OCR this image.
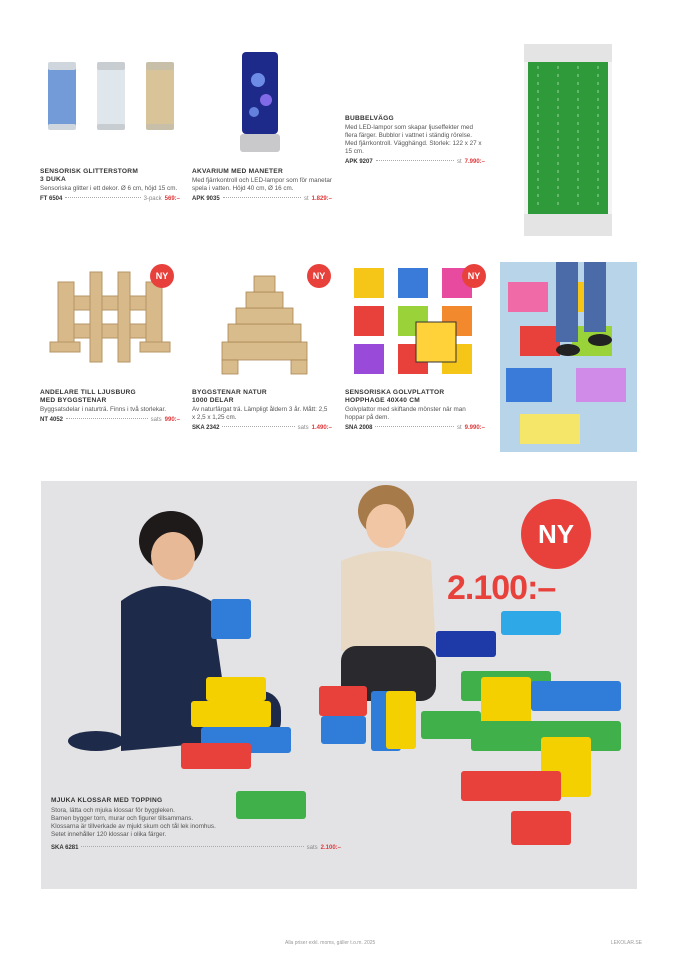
SENSORISK GLITTERSTORM
3 DUKA
Sensoriska glitter i ett dekor. Ø 6 cm, höjd 15 cm.
FT 6504	3-pack 569:–
AKVARIUM MED MANETER
Med fjärrkontroll och LED-lampor som för manetar spela i vatten. Höjd 40 cm, Ø 16 cm.
APK 9035	st 1.829:–
BUBBELVÄGG
Med LED-lampor som skapar ljuseffekter med flera färger. Bubblor i vattnet i ständig rörelse. Med fjärrkontroll. Vägghängd. Storlek: 122 x 27 x 15 cm.
APK 9207	st 7.990:–
NY	NY	NY
ANDELARE TILL LJUSBURG
MED BYGGSTENAR
Byggsatsdelar i naturträ. Finns i två storlekar.
NT 4052	sats 990:–
BYGGSTENAR NATUR
1000 DELAR
Av naturfärgat trä. Lämpligt åldern 3 år. Mått: 2,5 x 2,5 x 1,25 cm.
SKA 2342	sats 1.490:–
SENSORISKA GOLVPLATTOR
HOPPHAGE 40X40 CM
Golvplattor med skiftande mönster när man hoppar på dem.
SNA 2008	st 9.990:–
NY
2.100:–
MJUKA KLOSSAR MED TOPPING
Stora, lätta och mjuka klossar för byggleken.
Barnen bygger torn, murar och figurer tillsammans.
Klossarna är tillverkade av mjukt skum och tål lek inomhus.
Setet innehåller 120 klossar i olika färger.
SKA 6281	sats 2.100:–
Alla priser exkl. moms, gäller t.o.m. 2025	LEKOLAR.SE
